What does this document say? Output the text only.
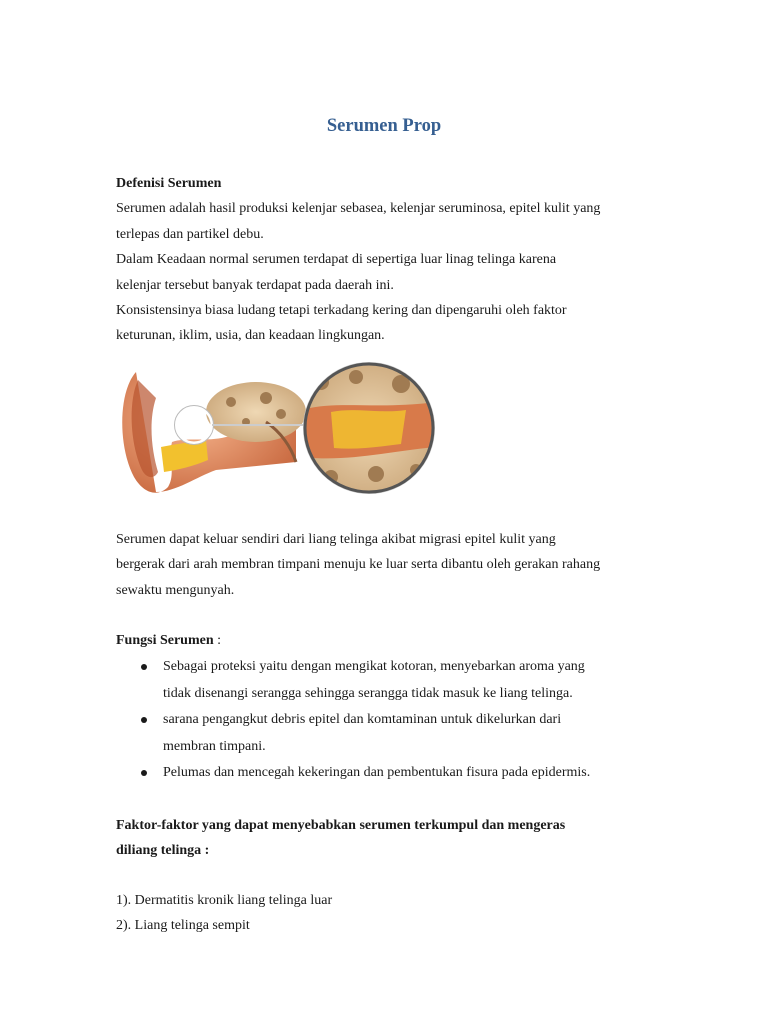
Serumen Prop

Defenisi Serumen

Serumen adalah hasil produksi kelenjar sebasea, kelenjar seruminosa, epitel kulit yang

terlepas dan partikel debu.

Dalam Keadaan normal serumen terdapat di sepertiga luar linag telinga karena

kelenjar tersebut banyak terdapat pada daerah ini.

Konsistensinya biasa ludang tetapi terkadang kering dan dipengaruhi oleh faktor

keturunan, iklim, usia, dan keadaan lingkungan.

Serumen dapat keluar sendiri dari liang telinga akibat migrasi epitel kulit yang

bergerak dari arah membran timpani menuju ke luar serta dibantu oleh gerakan rahang

sewaktu mengunyah.

Fungsi Serumen :

Sebagai proteksi yaitu dengan mengikat kotoran, menyebarkan aroma yang

tidak disenangi serangga sehingga serangga tidak masuk ke liang telinga.

sarana pengangkut debris epitel dan komtaminan untuk dikelurkan dari

membran timpani.

Pelumas dan mencegah kekeringan dan pembentukan fisura pada epidermis.

Faktor-faktor yang dapat menyebabkan serumen terkumpul dan mengeras

diliang telinga :

1). Dermatitis kronik liang telinga luar

2). Liang telinga sempit
